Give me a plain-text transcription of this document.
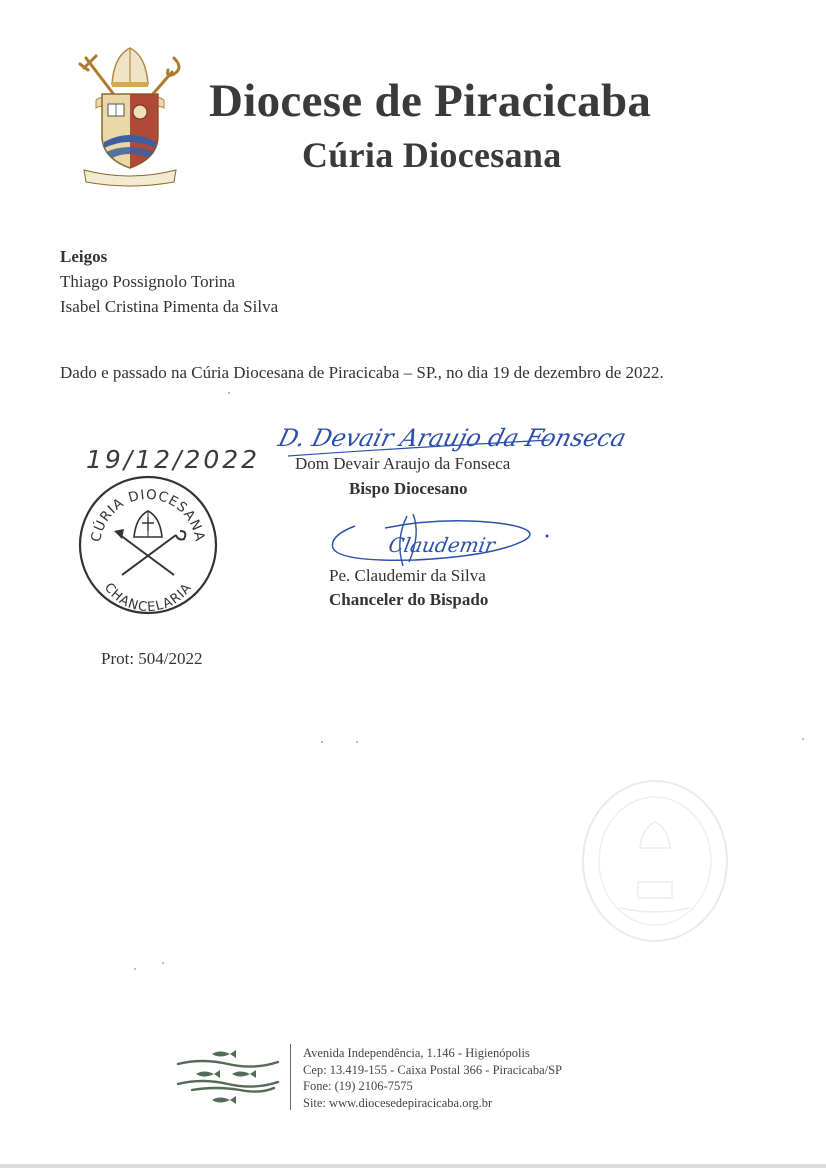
Diocese de Piracicaba
Cúria Diocesana
Leigos
Thiago Possignolo Torina
Isabel Cristina Pimenta da Silva
Dado e passado na Cúria Diocesana de Piracicaba – SP., no dia 19 de dezembro de 2022.
19/12/2022
CÚRIA DIOCESANA
CHANCELARIA
D. Devair Araujo da Fonseca
Dom Devair Araujo da Fonseca
Bispo Diocesano
Claudemir
Pe. Claudemir da Silva
Chanceler do Bispado
Prot: 504/2022
Avenida Independência, 1.146 - Higienópolis
Cep: 13.419-155 - Caixa Postal 366 - Piracicaba/SP
Fone: (19) 2106-7575
Site: www.diocesedepiracicaba.org.br
